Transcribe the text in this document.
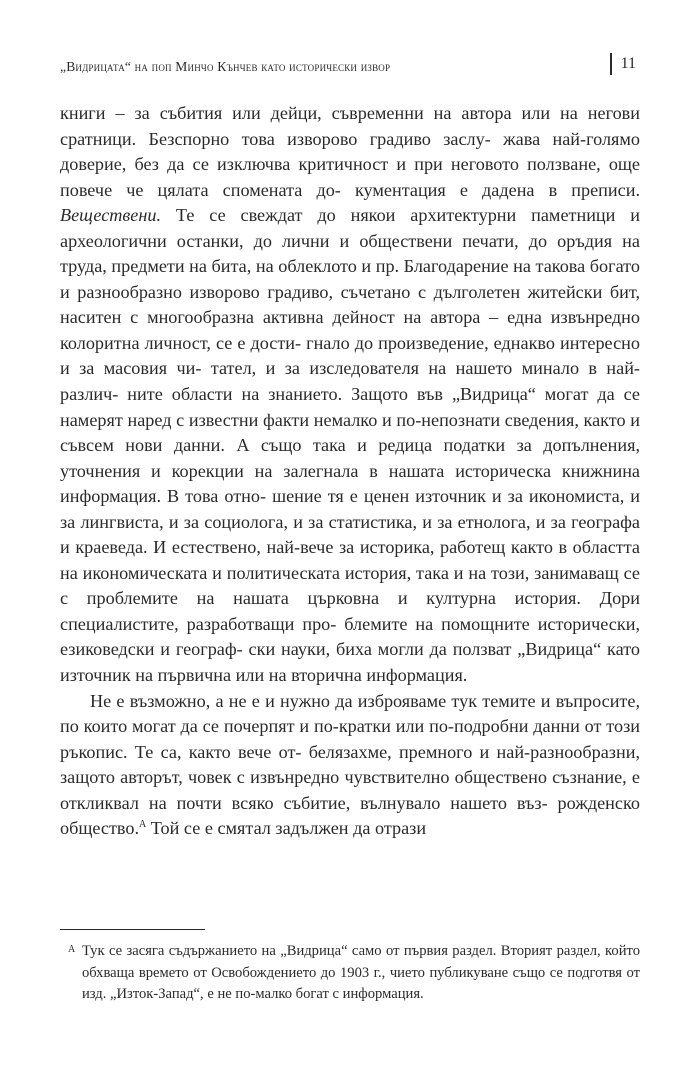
„Видрицата“ на поп Минчо Кънчев като исторически извор	11

книги – за събития или дейци, съвременни на автора или на негови сратници. Безспорно това изворово градиво заслу- жава най-голямо доверие, без да се изключва критичност и при неговото ползване, още повече че цялата спомената до- кументация е дадена в преписи. Веществени. Те се свеждат до някои архитектурни паметници и археологични останки, до лични и обществени печати, до оръдия на труда, предмети на бита, на облеклото и пр. Благодарение на такова богато и разнообразно изворово градиво, съчетано с дълголетен житейски бит, наситен с многообразна активна дейност на автора – една извънредно колоритна личност, се е дости- гнало до произведение, еднакво интересно и за масовия чи- тател, и за изследователя на нашето минало в най-различ- ните области на знанието. Защото във „Видрица“ могат да се намерят наред с известни факти немалко и по-непознати сведения, както и съвсем нови данни. А също така и редица податки за допълнения, уточнения и корекции на залегнала в нашата историческа книжнина информация. В това отно- шение тя е ценен източник и за икономиста, и за лингвиста, и за социолога, и за статистика, и за етнолога, и за географа и краеведа. И естествено, най-вече за историка, работещ както в областта на икономическата и политическата история, така и на този, занимаващ се с проблемите на нашата църковна и културна история. Дори специалистите, разработващи про- блемите на помощните исторически, езиковедски и географ- ски науки, биха могли да ползват „Видрица“ като източник на първична или на вторична информация.

Не е възможно, а не е и нужно да изброяваме тук темите и въпросите, по които могат да се почерпят и по-кратки или по-подробни данни от този ръкопис. Те са, както вече от- белязахме, премного и най-разнообразни, защото авторът, човек с извънредно чувствително обществено съзнание, е откликвал на почти всяко събитие, вълнувало нашето въз- рожденско общество.$^А$ Той се е смятал задължен да отрази

А Тук се засяга съдържанието на „Видрица“ само от първия раздел. Вторият раздел, който обхваща времето от Освобождението до 1903 г., чието публикуване също се подготвя от изд. „Изток-Запад“, е не по-малко богат с информация.
